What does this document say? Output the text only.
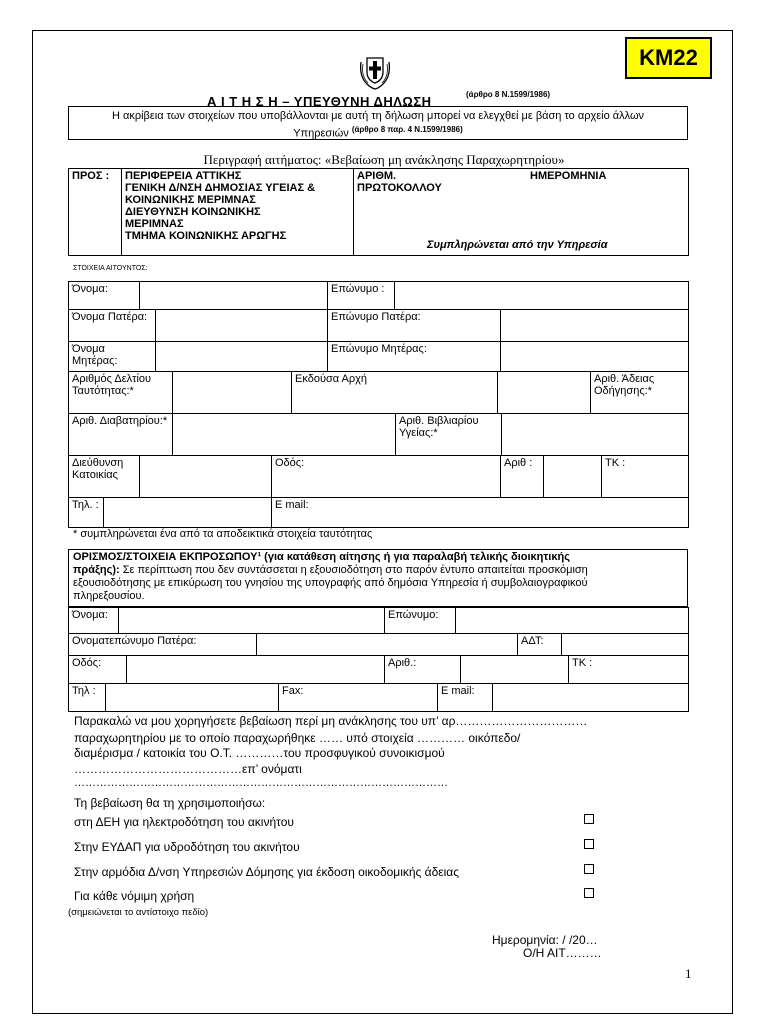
KM22
Α Ι Τ Η Σ Η – ΥΠΕΥΘΥΝΗ ΔΗΛΩΣΗ	(άρθρο 8 Ν.1599/1986)
Η ακρίβεια των στοιχείων που υποβάλλονται με αυτή τη δήλωση μπορεί να ελεγχθεί με βάση το αρχείο άλλων
Υπηρεσιών $^{(ά\rho\theta\rho o 8 \pi\alpha\rho. 4 N.1599/1986)}$
Περιγραφή αιτήματος: «Βεβαίωση μη ανάκλησης Παραχωρητηρίου»
ΠΡΟΣ :	ΠΕΡΙΦΕΡΕΙΑ ΑΤΤΙΚΗΣ
ΓΕΝΙΚΗ Δ/ΝΣΗ ΔΗΜΟΣΙΑΣ ΥΓΕΙΑΣ &
ΚΟΙΝΩΝΙΚΗΣ ΜΕΡΙΜΝΑΣ
ΔΙΕΥΘΥΝΣΗ ΚΟΙΝΩΝΙΚΗΣ
ΜΕΡΙΜΝΑΣ
ΤΜΗΜΑ ΚΟΙΝΩΝΙΚΗΣ ΑΡΩΓΗΣ

ΑΡΙΘΜ. ΠΡΩΤΟΚΟΛΛΟΥ
ΗΜΕΡΟΜΗΝΙΑ
Συμπληρώνεται από την Υπηρεσία
ΣΤΟΙΧΕΙΑ ΑΙΤΟΥΝΤΟΣ:
Όνομα:		Επώνυμο :	
Όνομα Πατέρα:		Επώνυμο Πατέρα:	
Όνομα Μητέρας:		Επώνυμο Μητέρας:	
Αριθμός Δελτίου Ταυτότητας:*		Εκδούσα Αρχή		Αριθ. Άδειας Οδήγησης:*
Αριθ. Διαβατηρίου:*		Αριθ. Βιβλιαρίου Υγείας:*	
Διεύθυνση Κατοικίας		Οδός:	Αριθ :		ΤΚ :
Τηλ. :		E mail:
* συμπληρώνεται ένα από τα αποδεικτικά στοιχεία ταυτότητας
ΟΡΙΣΜΟΣ/ΣΤΟΙΧΕΙΑ ΕΚΠΡΟΣΩΠΟΥ¹ (για κατάθεση αίτησης ή για παραλαβή τελικής διοικητικής
πράξης): Σε περίπτωση που δεν συντάσσεται η εξουσιοδότηση στο παρόν έντυπο απαιτείται προσκόμιση
εξουσιοδότησης με επικύρωση του γνησίου της υπογραφής από δημόσια Υπηρεσία ή συμβολαιογραφικού
πληρεξουσίου.
Όνομα:		Επώνυμο:	
Ονοματεπώνυμο Πατέρα:		ΑΔΤ:	
Οδός:		Αριθ.:		ΤΚ :
Τηλ :		Fax:	E mail:	
Παρακαλώ να μου χορηγήσετε βεβαίωση περί μη ανάκλησης του υπ’ αρ……………………………
παραχωρητηρίου με το οποίο παραχωρήθηκε …… υπό στοιχεία ………… οικόπεδο/
διαμέρισμα / κατοικία του Ο.Τ. …………του προσφυγικού συνοικισμού
……………………………………επ’ ονόματι
…………………………………………………………………………………………
Τη βεβαίωση θα τη χρησιμοποιήσω:
στη ΔΕΗ για ηλεκτροδότηση του ακινήτου
Στην ΕΥΔΑΠ για υδροδότηση του ακινήτου
Στην αρμόδια Δ/νση Υπηρεσιών Δόμησης για έκδοση οικοδομικής άδειας
Για κάθε νόμιμη χρήση
(σημειώνεται το αντίστοιχο πεδίο)
Ημερομηνία: / /20…
Ο/Η ΑΙΤ………
1
